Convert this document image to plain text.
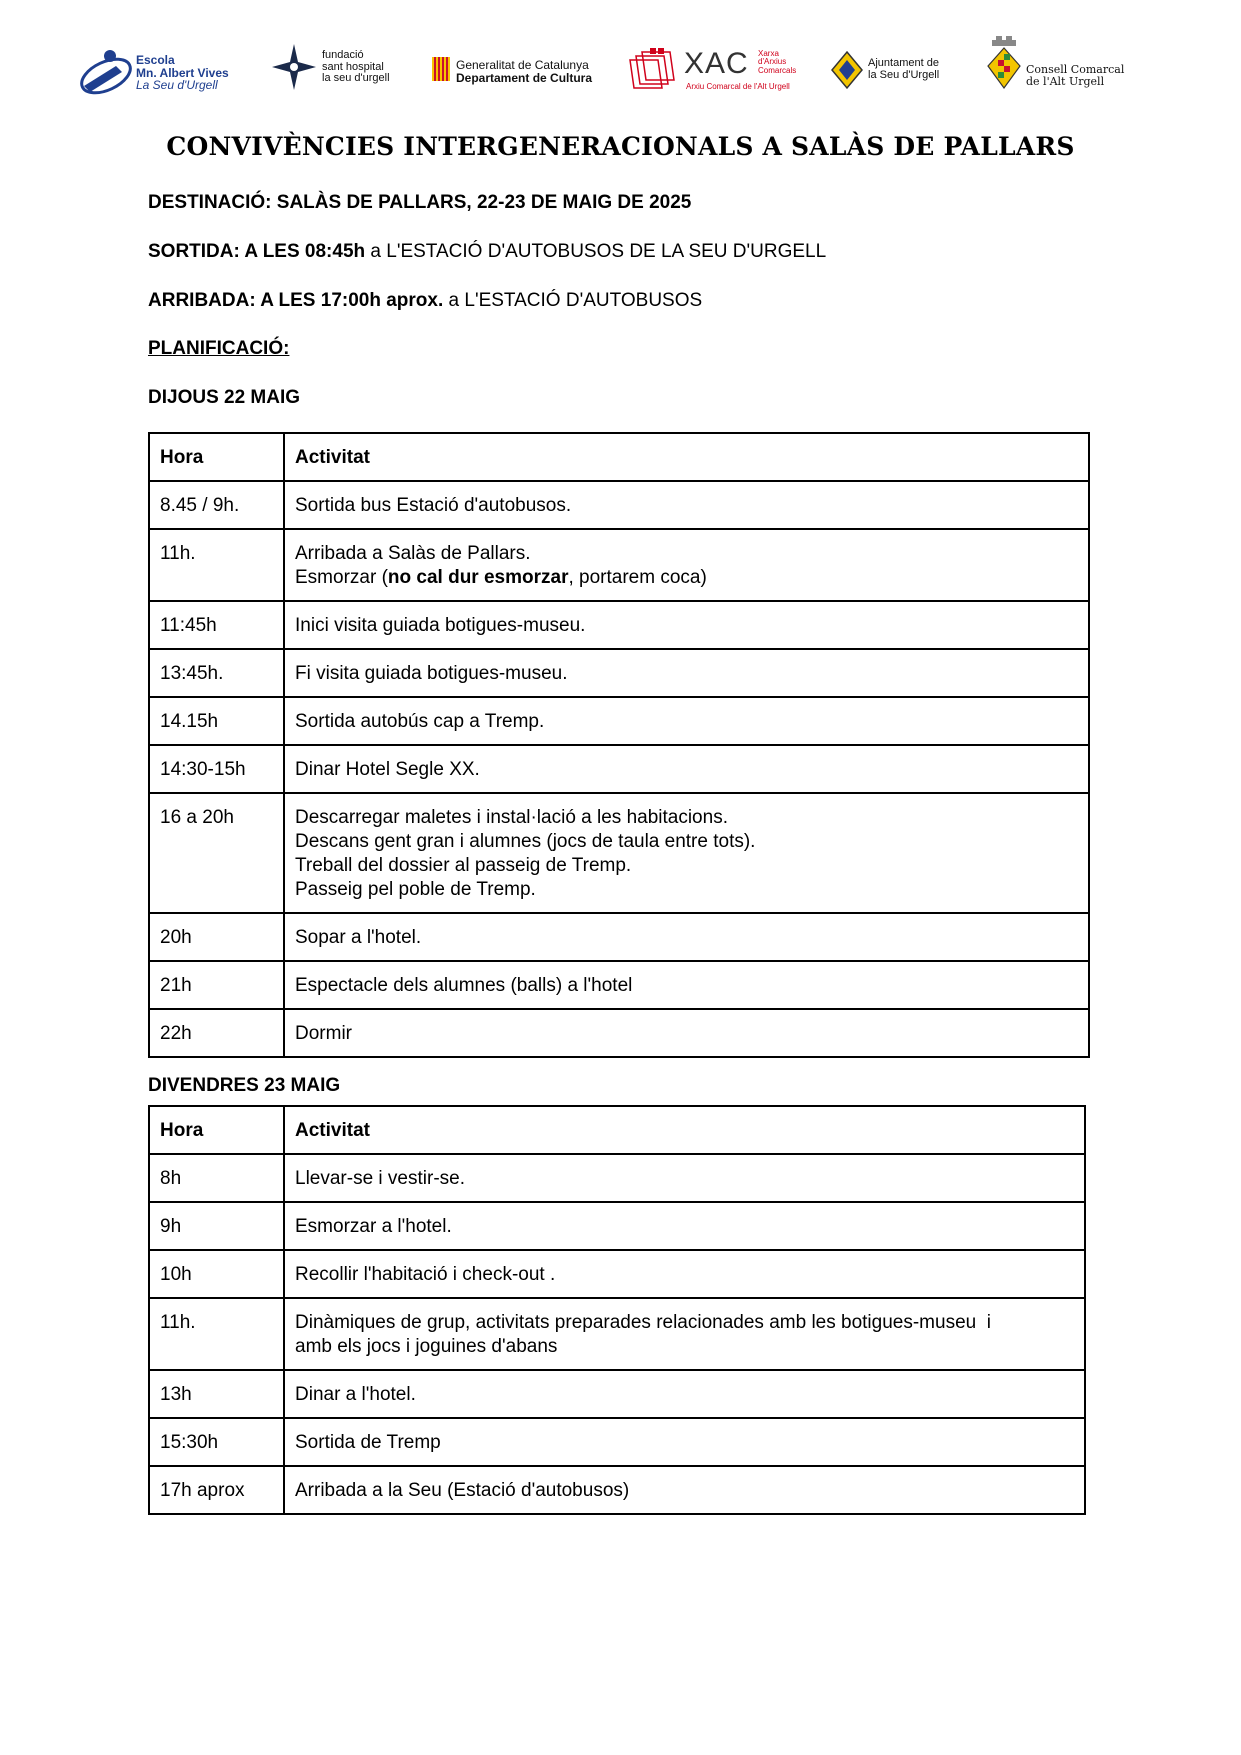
Escola
Mn. Albert Vives
La Seu d'Urgell
fundació
sant hospital
la seu d'urgell
Generalitat de Catalunya
Departament de Cultura	XAC Xarxa
d'Arxius
Comarcals
Arxiu Comarcal de l'Alt Urgell
Ajuntament de
la Seu d'Urgell	Consell Comarcal
de l'Alt Urgell
CONVIVÈNCIES INTERGENERACIONALS A SALÀS DE PALLARS
DESTINACIÓ: SALÀS DE PALLARS, 22-23 DE MAIG DE 2025
SORTIDA: A LES 08:45h a L'ESTACIÓ D'AUTOBUSOS DE LA SEU D'URGELL
ARRIBADA: A LES 17:00h aprox. a L'ESTACIÓ D'AUTOBUSOS
PLANIFICACIÓ:
DIJOUS 22 MAIG
Hora	Activitat
8.45 / 9h.	Sortida bus Estació d'autobusos.
11h.	Arribada a Salàs de Pallars.
Esmorzar (no cal dur esmorzar, portarem coca)

11:45h	Inici visita guiada botigues-museu.
13:45h.	Fi visita guiada botigues-museu.
14.15h	Sortida autobús cap a Tremp.
14:30-15h	Dinar Hotel Segle XX.
16 a 20h	Descarregar maletes i instal·lació a les habitacions.
Descans gent gran i alumnes (jocs de taula entre tots).
Treball del dossier al passeig de Tremp.
Passeig pel poble de Tremp.

20h	Sopar a l'hotel.
21h	Espectacle dels alumnes (balls) a l'hotel
22h	Dormir
DIVENDRES 23 MAIG
Hora	Activitat
8h	Llevar-se i vestir-se.
9h	Esmorzar a l'hotel.
10h	Recollir l'habitació i check-out .
11h.	Dinàmiques de grup, activitats preparades relacionades amb les botigues-museu  i
amb els jocs i joguines d'abans

13h	Dinar a l'hotel.
15:30h	Sortida de Tremp
17h aprox	Arribada a la Seu (Estació d'autobusos)
